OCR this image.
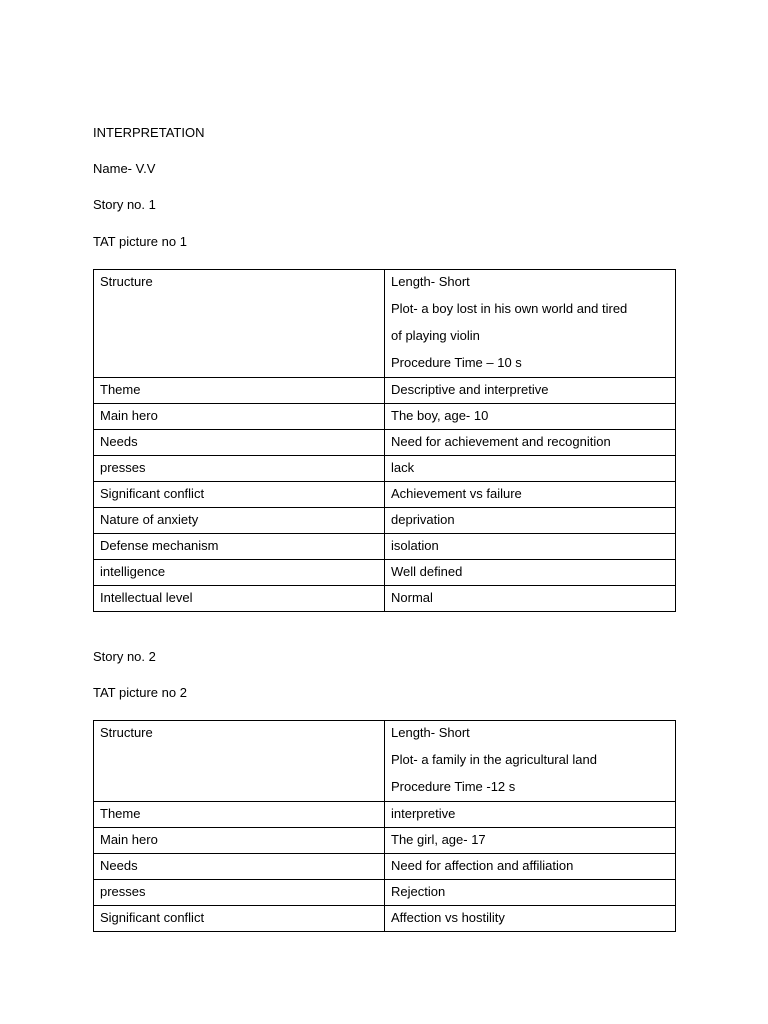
INTERPRETATION
Name- V.V
Story no. 1
TAT picture no 1
Structure	Length- Short
Plot- a boy lost in his own world and tired
of playing violin
Procedure Time – 10 s

Theme	Descriptive and interpretive
Main hero	The boy, age- 10
Needs	Need for achievement and recognition
presses	lack
Significant conflict	Achievement vs failure
Nature of anxiety	deprivation
Defense mechanism	isolation
intelligence	Well defined
Intellectual level	Normal
Story no. 2
TAT picture no 2
Structure	Length- Short
Plot- a family in the agricultural land
Procedure Time -12 s

Theme	interpretive
Main hero	The girl, age- 17
Needs	Need for affection and affiliation
presses	Rejection
Significant conflict	Affection vs hostility
